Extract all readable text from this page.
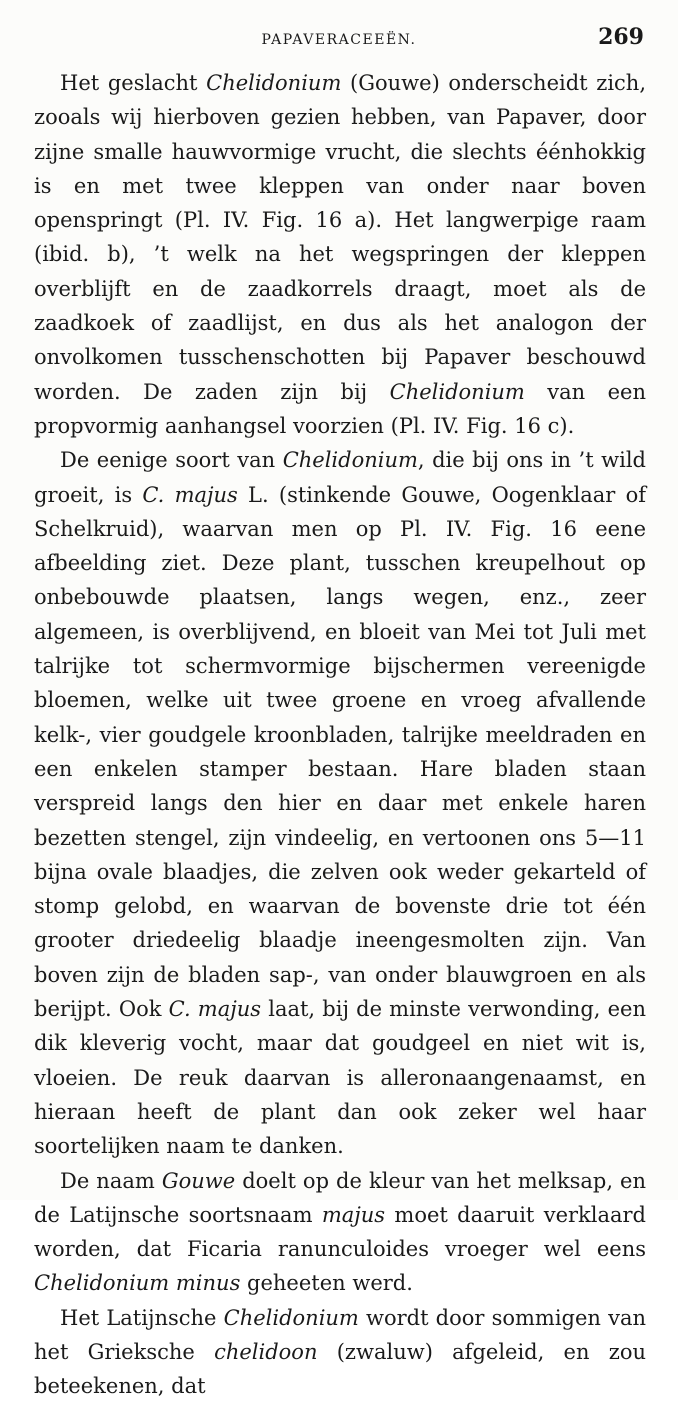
PAPAVERACEEËN.	269

Het geslacht Chelidonium (Gouwe) onderscheidt zich, zooals wij hierboven gezien hebben, van Papaver, door zijne smalle hauwvormige vrucht, die slechts éénhokkig is en met twee kleppen van onder naar boven openspringt (Pl. IV. Fig. 16 a). Het langwerpige raam (ibid. b), ’t welk na het wegspringen der kleppen overblijft en de zaadkorrels draagt, moet als de zaadkoek of zaadlijst, en dus als het analogon der onvolkomen tusschenschotten bij Papaver beschouwd worden. De zaden zijn bij Chelidonium van een propvormig aanhangsel voorzien (Pl. IV. Fig. 16 c).

De eenige soort van Chelidonium, die bij ons in ’t wild groeit, is C. majus L. (stinkende Gouwe, Oogenklaar of Schelkruid), waarvan men op Pl. IV. Fig. 16 eene afbeelding ziet. Deze plant, tusschen kreupelhout op onbebouwde plaatsen, langs wegen, enz., zeer algemeen, is overblijvend, en bloeit van Mei tot Juli met talrijke tot schermvormige bijschermen vereenigde bloemen, welke uit twee groene en vroeg afvallende kelk-, vier goudgele kroonbladen, talrijke meeldraden en een enkelen stamper bestaan. Hare bladen staan verspreid langs den hier en daar met enkele haren bezetten stengel, zijn vindeelig, en vertoonen ons 5—11 bijna ovale blaadjes, die zelven ook weder gekarteld of stomp gelobd, en waarvan de bovenste drie tot één grooter driedeelig blaadje ineengesmolten zijn. Van boven zijn de bladen sap-, van onder blauwgroen en als berijpt. Ook C. majus laat, bij de minste verwonding, een dik kleverig vocht, maar dat goudgeel en niet wit is, vloeien. De reuk daarvan is alleronaangenaamst, en hieraan heeft de plant dan ook zeker wel haar soortelijken naam te danken.

De naam Gouwe doelt op de kleur van het melksap, en de Latijnsche soortsnaam majus moet daaruit verklaard worden, dat Ficaria ranunculoides vroeger wel eens Chelidonium minus geheeten werd.

Het Latijnsche Chelidonium wordt door sommigen van het Grieksche chelidoon (zwaluw) afgeleid, en zou beteekenen, dat
